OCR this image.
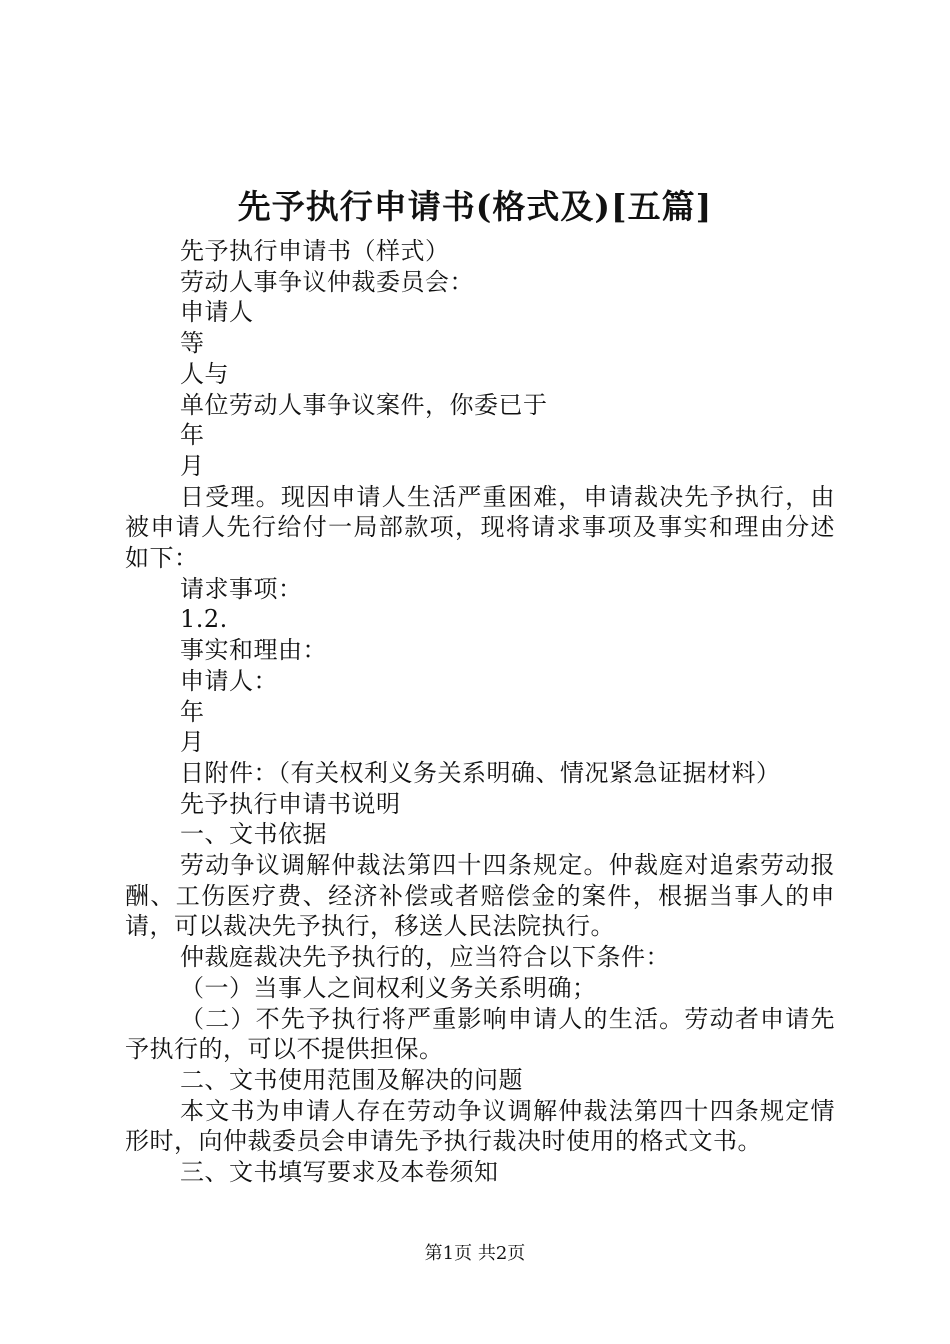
先予执行申请书(格式及)[五篇]

先予执行申请书（样式）

劳动人事争议仲裁委员会：

申请人

等

人与

单位劳动人事争议案件，你委已于

年

月

日受理。现因申请人生活严重困难，申请裁决先予执行，由被申请人先行给付一局部款项，现将请求事项及事实和理由分述如下：

请求事项：

1.2.

事实和理由：

申请人：

年

月

日附件：（有关权利义务关系明确、情况紧急证据材料）

先予执行申请书说明

一、文书依据

劳动争议调解仲裁法第四十四条规定。仲裁庭对追索劳动报酬、工伤医疗费、经济补偿或者赔偿金的案件，根据当事人的申请，可以裁决先予执行，移送人民法院执行。

仲裁庭裁决先予执行的，应当符合以下条件：

（一）当事人之间权利义务关系明确；

（二）不先予执行将严重影响申请人的生活。劳动者申请先予执行的，可以不提供担保。

二、文书使用范围及解决的问题

本文书为申请人存在劳动争议调解仲裁法第四十四条规定情形时，向仲裁委员会申请先予执行裁决时使用的格式文书。

三、文书填写要求及本卷须知

第1页 共2页
